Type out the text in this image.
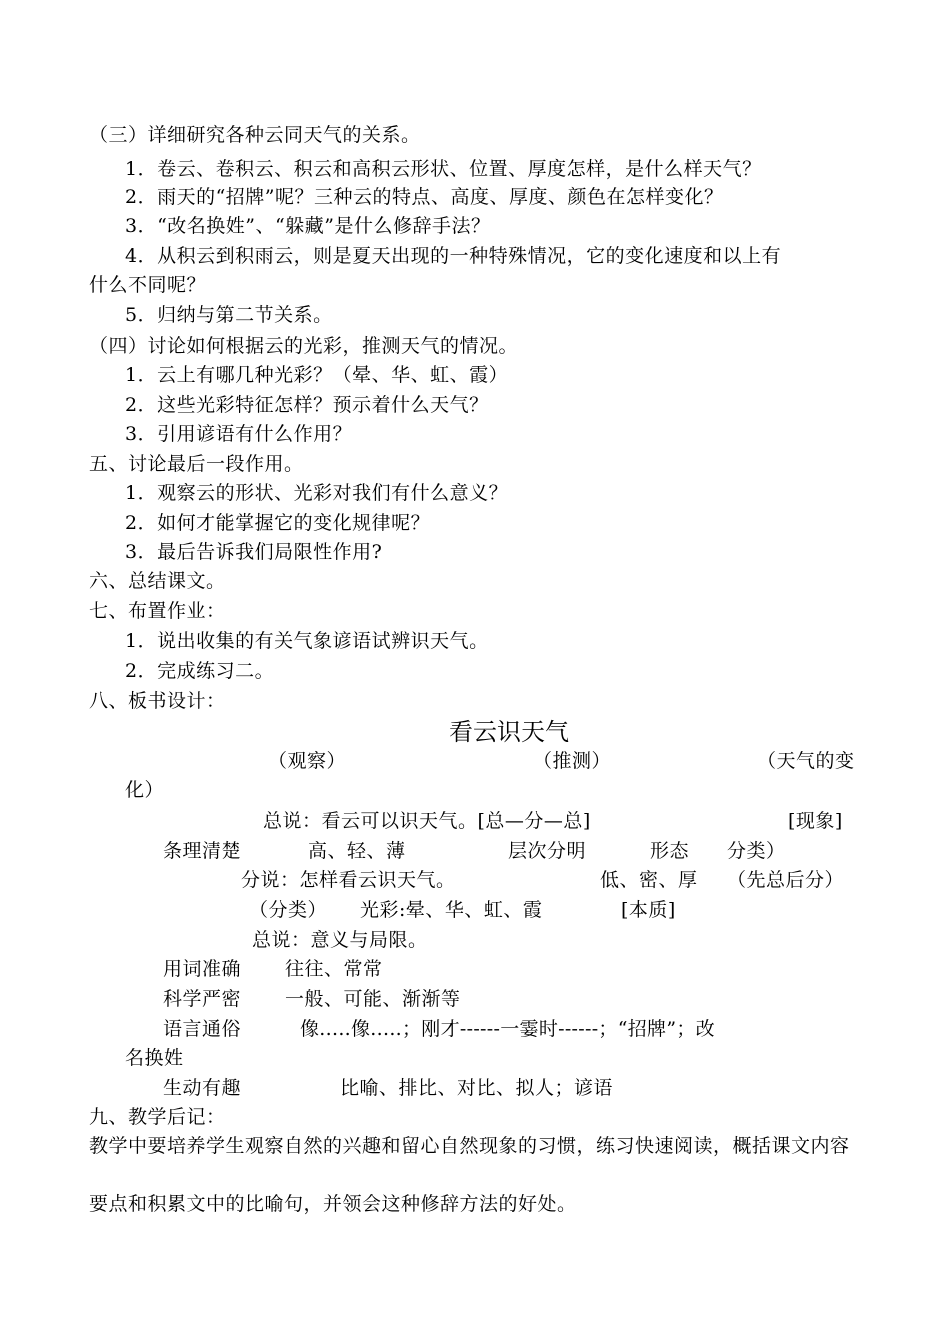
（三）详细研究各种云同天气的关系。
1．卷云、卷积云、积云和高积云形状、位置、厚度怎样，是什么样天气？
2．雨天的“招牌”呢？三种云的特点、高度、厚度、颜色在怎样变化？
3．“改名换姓”、“躲藏”是什么修辞手法？
4．从积云到积雨云，则是夏天出现的一种特殊情况，它的变化速度和以上有
什么不同呢？
5．归纳与第二节关系。
（四）讨论如何根据云的光彩，推测天气的情况。
1．云上有哪几种光彩？（晕、华、虹、霞）
2．这些光彩特征怎样？预示着什么天气？
3．引用谚语有什么作用？
五、讨论最后一段作用。
1．观察云的形状、光彩对我们有什么意义？
2．如何才能掌握它的变化规律呢？
3．最后告诉我们局限性作用?
六、总结课文。
七、布置作业：
1．说出收集的有关气象谚语试辨识天气。
2．完成练习二。
八、板书设计：
看云识天气
（观察）	（推测）	（天气的变
化）
总说：看云可以识天气。[总—分—总]	[现象]
条理清楚	高、轻、薄	层次分明	形态 分类）
分说：怎样看云识天气。	低、密、厚 （先总后分）
（分类） 光彩:晕、华、虹、霞	[本质]
总说：意义与局限。
用词准确 往往、常常
科学严密 一般、可能、渐渐等
语言通俗	像.....像.....；刚才------一霎时------；“招牌”；改
名换姓
生动有趣	比喻、排比、对比、拟人；谚语
九、教学后记：
教学中要培养学生观察自然的兴趣和留心自然现象的习惯，练习快速阅读，概括课文内容要点和积累文中的比喻句，并领会这种修辞方法的好处。
